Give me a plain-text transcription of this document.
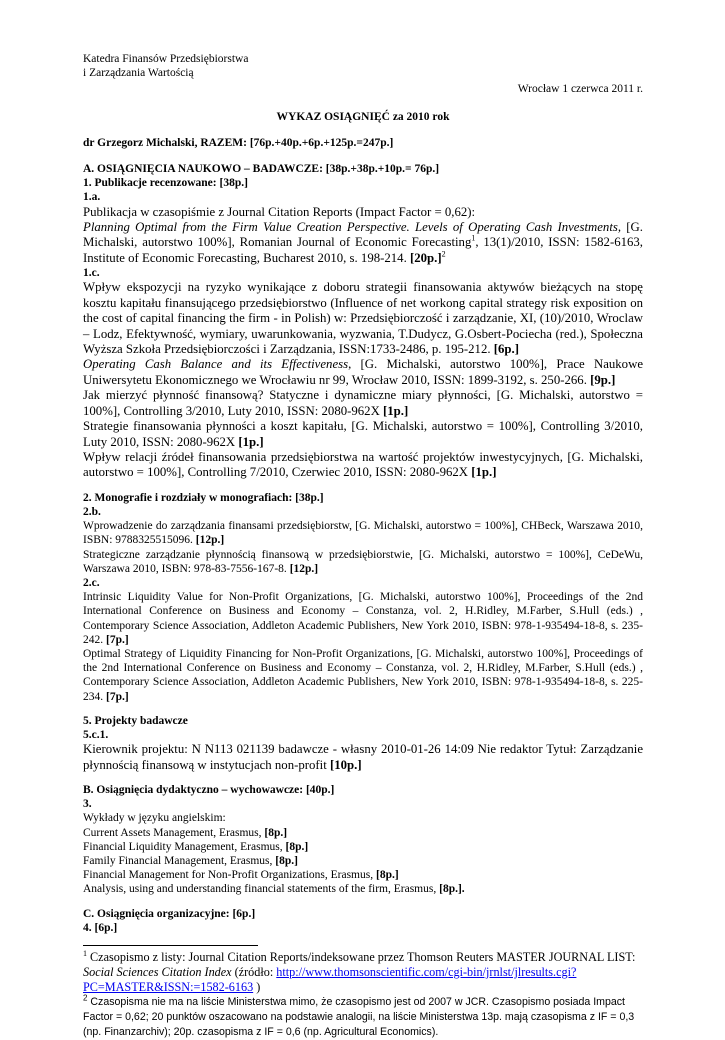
Katedra Finansów Przedsiębiorstwa
i Zarządzania Wartością
Wrocław 1 czerwca 2011 r.
WYKAZ OSIĄGNIĘĆ za 2010 rok
dr Grzegorz Michalski, RAZEM: [76p.+40p.+6p.+125p.=247p.]
A. OSIĄGNIĘCIA NAUKOWO – BADAWCZE: [38p.+38p.+10p.= 76p.]
1. Publikacje recenzowane: [38p.]
1.a.
Publikacja w czasopiśmie z Journal Citation Reports (Impact Factor = 0,62):
Planning Optimal from the Firm Value Creation Perspective. Levels of Operating Cash Investments, [G. Michalski, autorstwo 100%], Romanian Journal of Economic Forecasting$^1$, 13(1)/2010, ISSN: 1582-6163, Institute of Economic Forecasting, Bucharest 2010, s. 198-214. $[20p.]^2$
1.c.
Wpływ ekspozycji na ryzyko wynikające z doboru strategii finansowania aktywów bieżących na stopę kosztu kapitału finansującego przedsiębiorstwo (Influence of net workong capital strategy risk exposition on the cost of capital financing the firm - in Polish) w: Przedsiębiorczość i zarządzanie, XI, (10)/2010, Wroclaw – Lodz, Efektywność, wymiary, uwarunkowania, wyzwania, T.Dudycz, G.Osbert-Pociecha (red.), Społeczna Wyższa Szkoła Przedsiębiorczości i Zarządzania, ISSN:1733-2486, p. 195-212. [6p.]
Operating Cash Balance and its Effectiveness, [G. Michalski, autorstwo 100%], Prace Naukowe Uniwersytetu Ekonomicznego we Wrocławiu nr 99, Wrocław 2010, ISSN: 1899-3192, s. 250-266. [9p.]
Jak mierzyć płynność finansową? Statyczne i dynamiczne miary płynności, [G. Michalski, autorstwo = 100%], Controlling 3/2010, Luty 2010, ISSN: 2080-962X [1p.]
Strategie finansowania płynności a koszt kapitału, [G. Michalski, autorstwo = 100%], Controlling 3/2010, Luty 2010, ISSN: 2080-962X [1p.]
Wpływ relacji źródeł finansowania przedsiębiorstwa na wartość projektów inwestycyjnych, [G. Michalski, autorstwo = 100%], Controlling 7/2010, Czerwiec 2010, ISSN: 2080-962X [1p.]
2. Monografie i rozdziały w monografiach: [38p.]
2.b.
Wprowadzenie do zarządzania finansami przedsiębiorstw, [G. Michalski, autorstwo = 100%], CHBeck, Warszawa 2010, ISBN: 9788325515096. [12p.]
Strategiczne zarządzanie płynnością finansową w przedsiębiorstwie, [G. Michalski, autorstwo = 100%], CeDeWu, Warszawa 2010, ISBN: 978-83-7556-167-8. [12p.]
2.c.
Intrinsic Liquidity Value for Non-Profit Organizations, [G. Michalski, autorstwo 100%], Proceedings of the 2nd International Conference on Business and Economy – Constanza, vol. 2, H.Ridley, M.Farber, S.Hull (eds.) , Contemporary Science Association, Addleton Academic Publishers, New York 2010, ISBN: 978-1-935494-18-8, s. 235-242. [7p.]
Optimal Strategy of Liquidity Financing for Non-Profit Organizations, [G. Michalski, autorstwo 100%], Proceedings of the 2nd International Conference on Business and Economy – Constanza, vol. 2, H.Ridley, M.Farber, S.Hull (eds.) , Contemporary Science Association, Addleton Academic Publishers, New York 2010, ISBN: 978-1-935494-18-8, s. 225-234. [7p.]
5. Projekty badawcze
5.c.1.
Kierownik projektu: N N113 021139 badawcze - własny 2010-01-26 14:09 Nie redaktor Tytuł: Zarządzanie płynnością finansową w instytucjach non-profit [10p.]
B. Osiągnięcia dydaktyczno – wychowawcze: [40p.]
3.
Wykłady w języku angielskim:
Current Assets Management, Erasmus, [8p.]
Financial Liquidity Management, Erasmus, [8p.]
Family Financial Management, Erasmus, [8p.]
Financial Management for Non-Profit Organizations, Erasmus, [8p.]
Analysis, using and understanding financial statements of the firm, Erasmus, [8p.].
C. Osiągnięcia organizacyjne: [6p.]
4. [6p.]
$^1$ Czasopismo z listy: Journal Citation Reports/indeksowane przez Thomson Reuters MASTER JOURNAL LIST: Social Sciences Citation Index (źródło: http://www.thomsonscientific.com/cgi-bin/jrnlst/jlresults.cgi?PC=MASTER&ISSN:=1582-6163 )
$^2$ Czasopisma nie ma na liście Ministerstwa mimo, że czasopismo jest od 2007 w JCR. Czasopismo posiada Impact Factor = 0,62; 20 punktów oszacowano na podstawie analogii, na liście Ministerstwa 13p. mają czasopisma z IF = 0,3 (np. Finanzarchiv); 20p. czasopisma z IF = 0,6 (np. Agricultural Economics).
